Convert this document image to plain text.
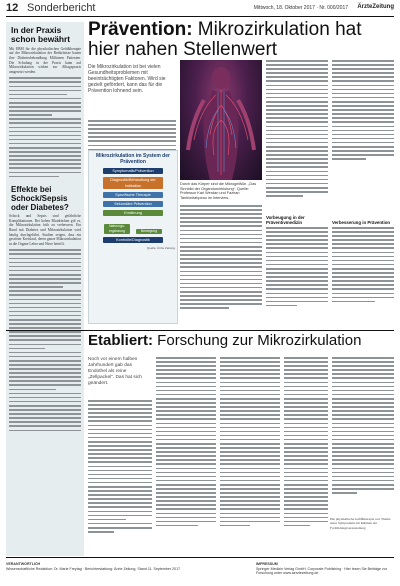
12 Sonderbericht	Mittwoch, 18. Oktober 2017 · Nr. 000/2017 ÄrzteZeitung
In der Praxis schon bewährt
Mit EBM für die physikalischen Gefäßtherapie auf der Mikrozirkulation der Bedürfnisse bauen ihre Diabetesbehandlung Millionen Patienten. Die Schulung in der Praxis kann auf Mikrozirkulation wirken zur Alltagspraxis umgesetzt werden.
Effekte bei Schock/Sepsis oder Diabetes?
Schock und Sepsis sind gefährliche Komplikationen. Bei hohen Blutdrücken gilt es, die Mikrozirkulation früh zu verbessern. Ein Rund mit Diabetes und Mikrozirkulation wird häufig durchgeführt. Studien zeigen, dass ein gestörter Kreislauf, deren ganze Mikrozirkulation in die Organe Leber und Niere betrifft.
Prävention: Mikrozirkulation hat hier nahen Stellenwert
Die Mikrozirkulation ist bei vielen Gesundheitsproblemen mit beeinträchtigten Faktoren. Wird sie gezielt gefördert, kann das für die Prävention lohnend sein.
Durch das Körper sind die Mikrogefäße. „Das Sinnbild der Organdurchblutung“. Quelle: Professor Karl Werdan und Fazhan Tanhimitahpeau im Interview.
Verbesserung in Prävention
Vorbeugung in der Präventivmedizin
Mikrozirkulation im System der Prävention
Symptomatik/Prävention
Diagnostik/Behandlung der Indikation
Spezifische Therapie
Sekundäre Prävention
Ernährung
Nahrungs-ergänzung	Bewegung
Kontrolle/Diagnostik
Quelle: Ärzte Zeitung
Etabliert: Forschung zur Mikrozirkulation
Noch vor einem halben Jahrhundert gab das Endothel als reine „Zellpackel“. Das hat sich geändert.
Die physikalische Gefäßtherapie war Thema eines Symposiums im Rahmen der Fortbildungsveranstaltung
VERANTWORTLICH
Wissenschaftliche Redaktion: Dr. Marie Freytag · Berichterstattung: Ärzte Zeitung, Stand 11. September 2017
IMPRESSUM
Springer Medizin Verlag GmbH, Corporate Publishing · Hier lesen Sie Beiträge zur Forschung unter www.aerztezeitung.de
